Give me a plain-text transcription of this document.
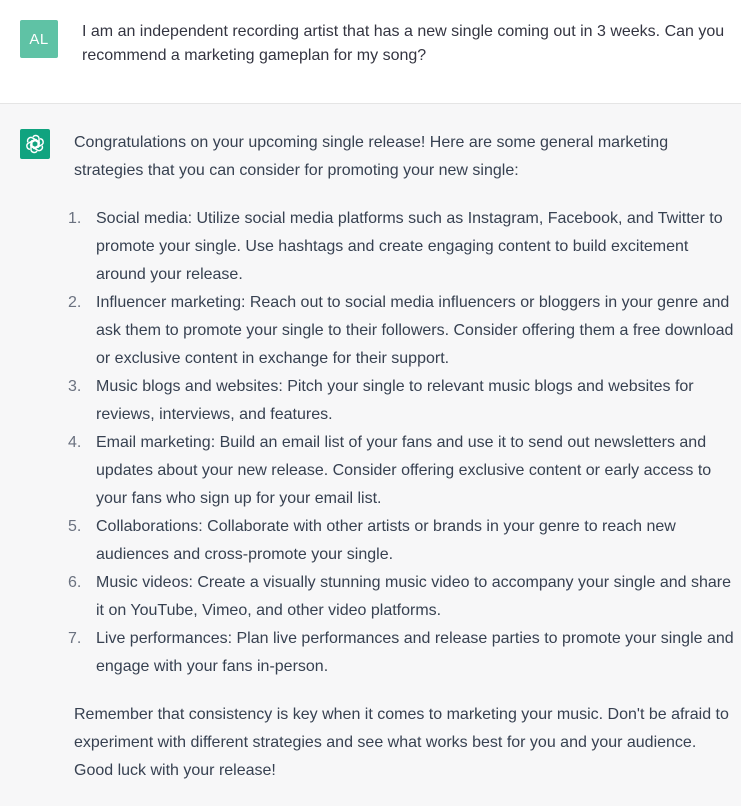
AL I am an independent recording artist that has a new single coming out in 3 weeks. Can you recommend a marketing gameplan for my song?

Congratulations on your upcoming single release! Here are some general marketing strategies that you can consider for promoting your new single:

1. Social media: Utilize social media platforms such as Instagram, Facebook, and Twitter to promote your single. Use hashtags and create engaging content to build excitement around your release.
2. Influencer marketing: Reach out to social media influencers or bloggers in your genre and ask them to promote your single to their followers. Consider offering them a free download or exclusive content in exchange for their support.
3. Music blogs and websites: Pitch your single to relevant music blogs and websites for reviews, interviews, and features.
4. Email marketing: Build an email list of your fans and use it to send out newsletters and updates about your new release. Consider offering exclusive content or early access to your fans who sign up for your email list.
5. Collaborations: Collaborate with other artists or brands in your genre to reach new audiences and cross-promote your single.
6. Music videos: Create a visually stunning music video to accompany your single and share it on YouTube, Vimeo, and other video platforms.
7. Live performances: Plan live performances and release parties to promote your single and engage with your fans in-person.

Remember that consistency is key when it comes to marketing your music. Don't be afraid to experiment with different strategies and see what works best for you and your audience. Good luck with your release!
